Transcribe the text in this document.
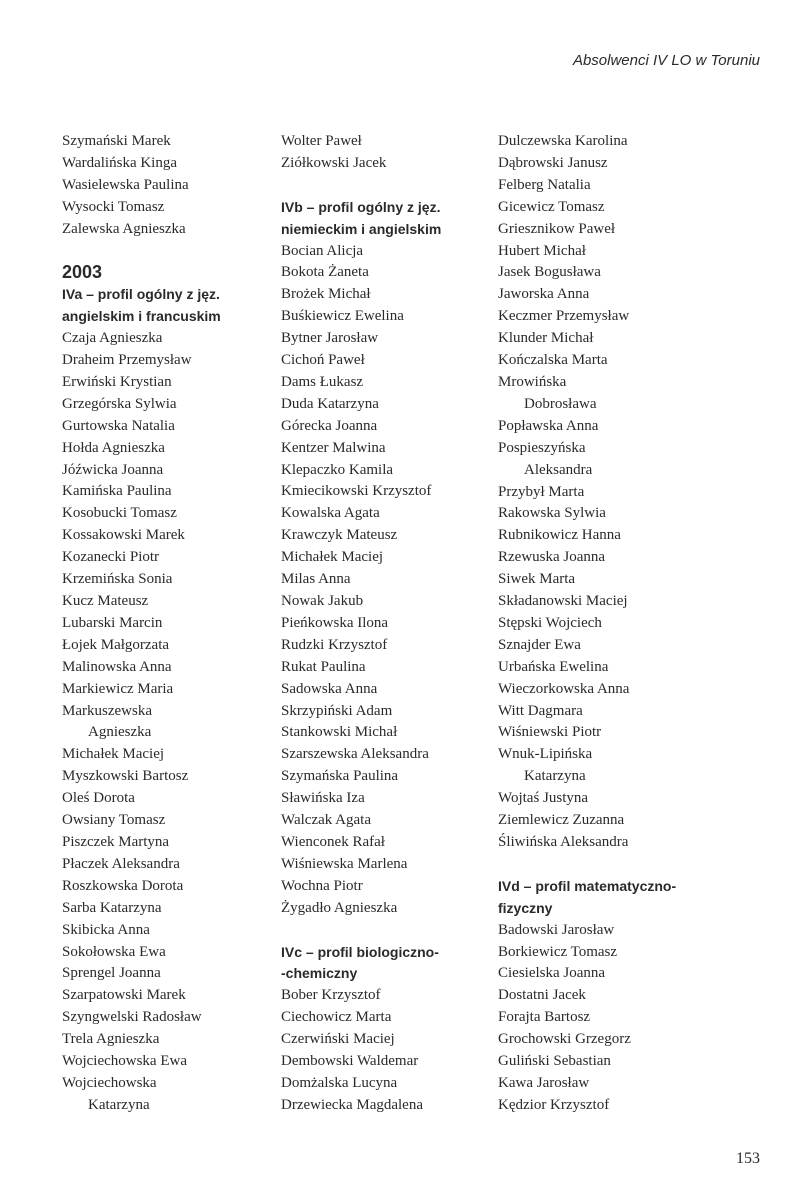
Absolwenci IV LO w Toruniu
Szymański Marek
Wardalińska Kinga
Wasielewska Paulina
Wysocki Tomasz
Zalewska Agnieszka
2003
IVa – profil ogólny z jęz.
angielskim i francuskim
Czaja Agnieszka
Draheim Przemysław
Erwiński Krystian
Grzegórska Sylwia
Gurtowska Natalia
Hołda Agnieszka
Jóźwicka Joanna
Kamińska Paulina
Kosobucki Tomasz
Kossakowski Marek
Kozanecki Piotr
Krzemińska Sonia
Kucz Mateusz
Lubarski Marcin
Łojek Małgorzata
Malinowska Anna
Markiewicz Maria
Markuszewska
Agnieszka
Michałek Maciej
Myszkowski Bartosz
Oleś Dorota
Owsiany Tomasz
Piszczek Martyna
Płaczek Aleksandra
Roszkowska Dorota
Sarba Katarzyna
Skibicka Anna
Sokołowska Ewa
Sprengel Joanna
Szarpatowski Marek
Szyngwelski Radosław
Trela Agnieszka
Wojciechowska Ewa
Wojciechowska
Katarzyna
Wolter Paweł
Ziółkowski Jacek
IVb – profil ogólny z jęz.
niemieckim i angielskim
Bocian Alicja
Bokota Żaneta
Brożek Michał
Buśkiewicz Ewelina
Bytner Jarosław
Cichoń Paweł
Dams Łukasz
Duda Katarzyna
Górecka Joanna
Kentzer Malwina
Klepaczko Kamila
Kmiecikowski Krzysztof
Kowalska Agata
Krawczyk Mateusz
Michałek Maciej
Milas Anna
Nowak Jakub
Pieńkowska Ilona
Rudzki Krzysztof
Rukat Paulina
Sadowska Anna
Skrzypiński Adam
Stankowski Michał
Szarszewska Aleksandra
Szymańska Paulina
Sławińska Iza
Walczak Agata
Wienconek Rafał
Wiśniewska Marlena
Wochna Piotr
Żygadło Agnieszka
IVc – profil biologiczno-
-chemiczny
Bober Krzysztof
Ciechowicz Marta
Czerwiński Maciej
Dembowski Waldemar
Domżalska Lucyna
Drzewiecka Magdalena
Dulczewska Karolina
Dąbrowski Janusz
Felberg Natalia
Gicewicz Tomasz
Griesznikow Paweł
Hubert Michał
Jasek Bogusława
Jaworska Anna
Keczmer Przemysław
Klunder Michał
Kończalska Marta
Mrowińska
Dobrosława
Popławska Anna
Pospieszyńska
Aleksandra
Przybył Marta
Rakowska Sylwia
Rubnikowicz Hanna
Rzewuska Joanna
Siwek Marta
Składanowski Maciej
Stępski Wojciech
Sznajder Ewa
Urbańska Ewelina
Wieczorkowska Anna
Witt Dagmara
Wiśniewski Piotr
Wnuk-Lipińska
Katarzyna
Wojtaś Justyna
Ziemlewicz Zuzanna
Śliwińska Aleksandra
IVd – profil matematyczno-
fizyczny
Badowski Jarosław
Borkiewicz Tomasz
Ciesielska Joanna
Dostatni Jacek
Forajta Bartosz
Grochowski Grzegorz
Guliński Sebastian
Kawa Jarosław
Kędzior Krzysztof
153
